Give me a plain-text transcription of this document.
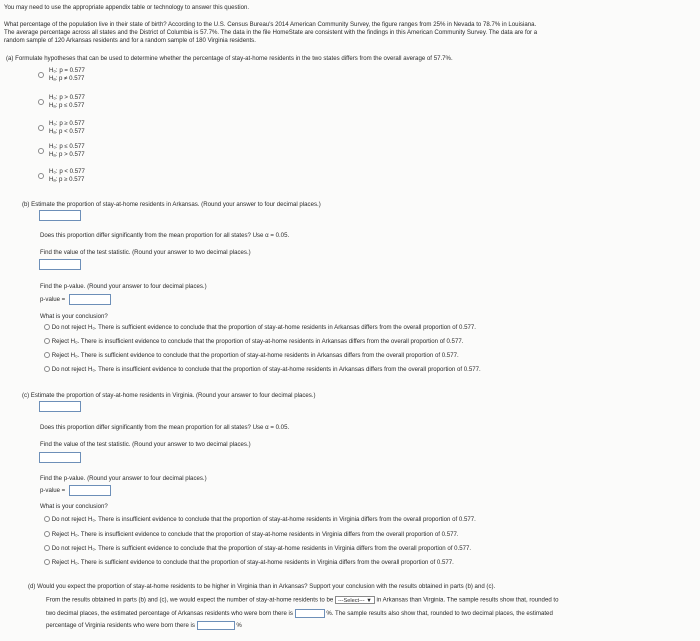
You may need to use the appropriate appendix table or technology to answer this question.
What percentage of the population live in their state of birth? According to the U.S. Census Bureau's 2014 American Community Survey, the figure ranges from 25% in Nevada to 78.7% in Louisiana.
The average percentage across all states and the District of Columbia is 57.7%. The data in the file HomeState are consistent with the findings in this American Community Survey. The data are for a
random sample of 120 Arkansas residents and for a random sample of 180 Virginia residents.
(a) Formulate hypotheses that can be used to determine whether the percentage of stay-at-home residents in the two states differs from the overall average of 57.7%.
H₀: p = 0.577
Hₐ: p ≠ 0.577
H₀: p > 0.577
Hₐ: p ≤ 0.577
H₀: p ≥ 0.577
Hₐ: p < 0.577
H₀: p ≤ 0.577
Hₐ: p > 0.577
H₀: p < 0.577
Hₐ: p ≥ 0.577
(b) Estimate the proportion of stay-at-home residents in Arkansas. (Round your answer to four decimal places.)
Does this proportion differ significantly from the mean proportion for all states? Use α = 0.05.
Find the value of the test statistic. (Round your answer to two decimal places.)
Find the p-value. (Round your answer to four decimal places.)
p-value =
What is your conclusion?
Do not reject H₀. There is sufficient evidence to conclude that the proportion of stay-at-home residents in Arkansas differs from the overall proportion of 0.577.
Reject H₀. There is insufficient evidence to conclude that the proportion of stay-at-home residents in Arkansas differs from the overall proportion of 0.577.
Reject H₀. There is sufficient evidence to conclude that the proportion of stay-at-home residents in Arkansas differs from the overall proportion of 0.577.
Do not reject H₀. There is insufficient evidence to conclude that the proportion of stay-at-home residents in Arkansas differs from the overall proportion of 0.577.
(c) Estimate the proportion of stay-at-home residents in Virginia. (Round your answer to four decimal places.)
Does this proportion differ significantly from the mean proportion for all states? Use α = 0.05.
Find the value of the test statistic. (Round your answer to two decimal places.)
Find the p-value. (Round your answer to four decimal places.)
p-value =
What is your conclusion?
Do not reject H₀. There is insufficient evidence to conclude that the proportion of stay-at-home residents in Virginia differs from the overall proportion of 0.577.
Reject H₀. There is insufficient evidence to conclude that the proportion of stay-at-home residents in Virginia differs from the overall proportion of 0.577.
Do not reject H₀. There is sufficient evidence to conclude that the proportion of stay-at-home residents in Virginia differs from the overall proportion of 0.577.
Reject H₀. There is sufficient evidence to conclude that the proportion of stay-at-home residents in Virginia differs from the overall proportion of 0.577.
(d) Would you expect the proportion of stay-at-home residents to be higher in Virginia than in Arkansas? Support your conclusion with the results obtained in parts (b) and (c).
From the results obtained in parts (b) and (c), we would expect the number of stay-at-home residents to be ---Select--- ▼ in Arkansas than Virginia. The sample results show that, rounded to
two decimal places, the estimated percentage of Arkansas residents who were born there is	%. The sample results also show that, rounded to two decimal places, the estimated
percentage of Virginia residents who were born there is	%
